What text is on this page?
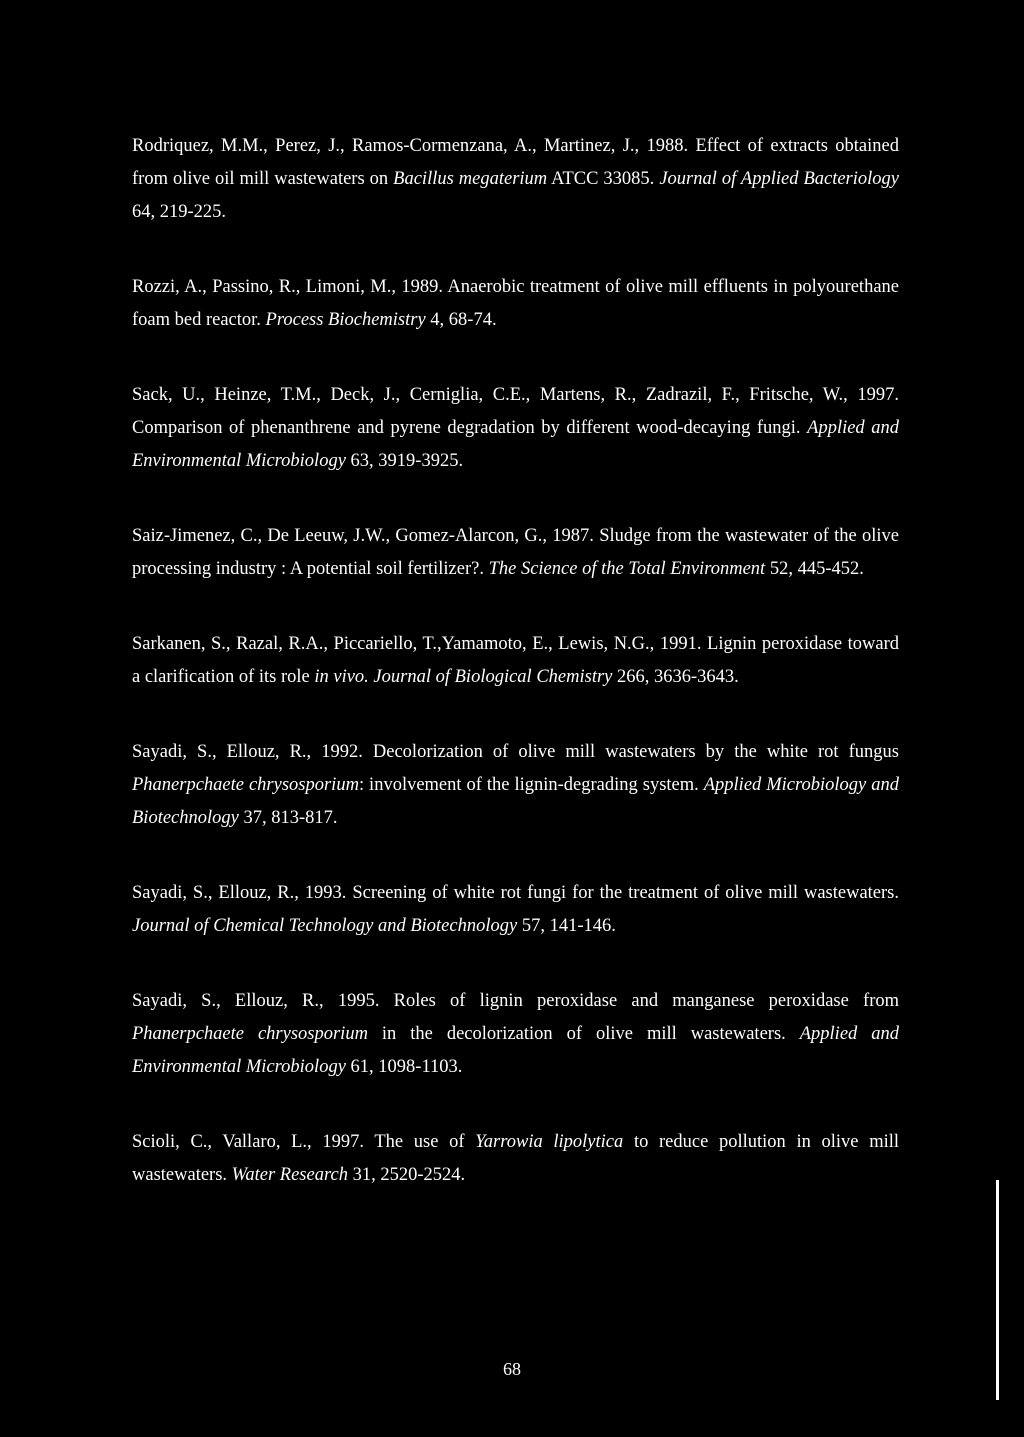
Rodriquez, M.M., Perez, J., Ramos-Cormenzana, A., Martinez, J., 1988. Effect of extracts obtained from olive oil mill wastewaters on Bacillus megaterium ATCC 33085. Journal of Applied Bacteriology 64, 219-225.

Rozzi, A., Passino, R., Limoni, M., 1989. Anaerobic treatment of olive mill effluents in polyourethane foam bed reactor. Process Biochemistry 4, 68-74.

Sack, U., Heinze, T.M., Deck, J., Cerniglia, C.E., Martens, R., Zadrazil, F., Fritsche, W., 1997. Comparison of phenanthrene and pyrene degradation by different wood-decaying fungi. Applied and Environmental Microbiology 63, 3919-3925.

Saiz-Jimenez, C., De Leeuw, J.W., Gomez-Alarcon, G., 1987. Sludge from the wastewater of the olive processing industry : A potential soil fertilizer?. The Science of the Total Environment 52, 445-452.

Sarkanen, S., Razal, R.A., Piccariello, T.,Yamamoto, E., Lewis, N.G., 1991. Lignin peroxidase toward a clarification of its role in vivo. Journal of Biological Chemistry 266, 3636-3643.

Sayadi, S., Ellouz, R., 1992. Decolorization of olive mill wastewaters by the white rot fungus Phanerpchaete chrysosporium: involvement of the lignin-degrading system. Applied Microbiology and Biotechnology 37, 813-817.

Sayadi, S., Ellouz, R., 1993. Screening of white rot fungi for the treatment of olive mill wastewaters. Journal of Chemical Technology and Biotechnology 57, 141-146.

Sayadi, S., Ellouz, R., 1995. Roles of lignin peroxidase and manganese peroxidase from Phanerpchaete chrysosporium in the decolorization of olive mill wastewaters. Applied and Environmental Microbiology 61, 1098-1103.

Scioli, C., Vallaro, L., 1997. The use of Yarrowia lipolytica to reduce pollution in olive mill wastewaters. Water Research 31, 2520-2524.

68
